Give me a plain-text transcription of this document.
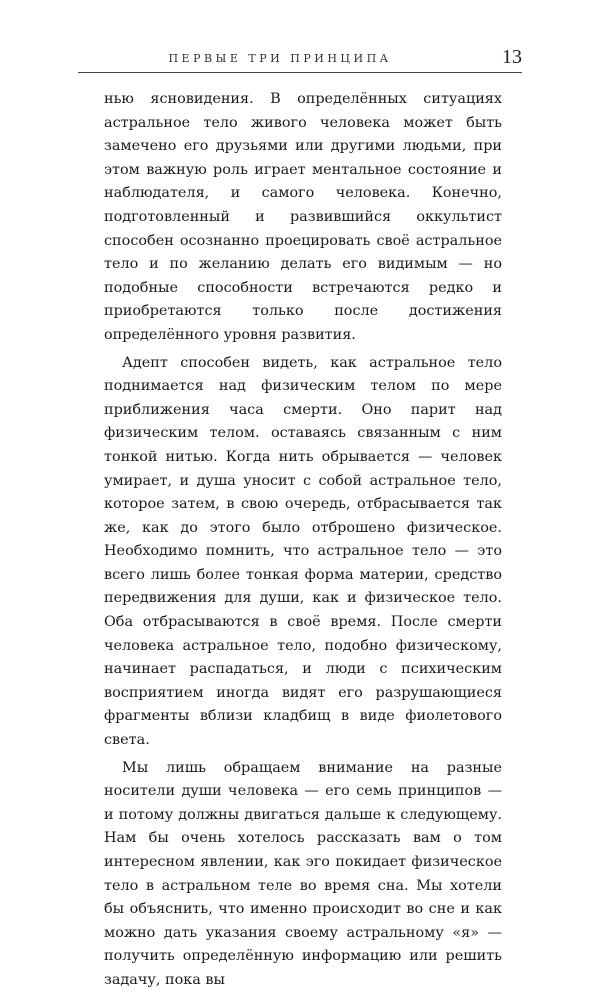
ПЕРВЫЕ ТРИ ПРИНЦИПА	13

нью ясновидения. В определённых ситуациях астральное тело живого человека может быть замечено его друзьями или другими людьми, при этом важную роль играет ментальное состояние и наблюдателя, и самого человека. Конечно, подготовленный и развившийся оккультист способен осознанно проецировать своё астральное тело и по желанию делать его видимым — но подобные способности встречаются редко и приобретаются только после достижения определённого уровня развития.

Адепт способен видеть, как астральное тело поднимается над физическим телом по мере приближения часа смерти. Оно парит над физическим телом. оставаясь связанным с ним тонкой нитью. Когда нить обрывается — человек умирает, и душа уносит с собой астральное тело, которое затем, в свою очередь, отбрасывается так же, как до этого было отброшено физическое. Необходимо помнить, что астральное тело — это всего лишь более тонкая форма материи, средство передвижения для души, как и физическое тело. Оба отбрасываются в своё время. После смерти человека астральное тело, подобно физическому, начинает распадаться, и люди с психическим восприятием иногда видят его разрушающиеся фрагменты вблизи кладбищ в виде фиолетового света.

Мы лишь обращаем внимание на разные носители души человека — его семь принципов — и потому должны двигаться дальше к следующему. Нам бы очень хотелось рассказать вам о том интересном явлении, как эго покидает физическое тело в астральном теле во время сна. Мы хотели бы объяснить, что именно происходит во сне и как можно дать указания своему астральному «я» — получить определённую информацию или решить задачу, пока вы
